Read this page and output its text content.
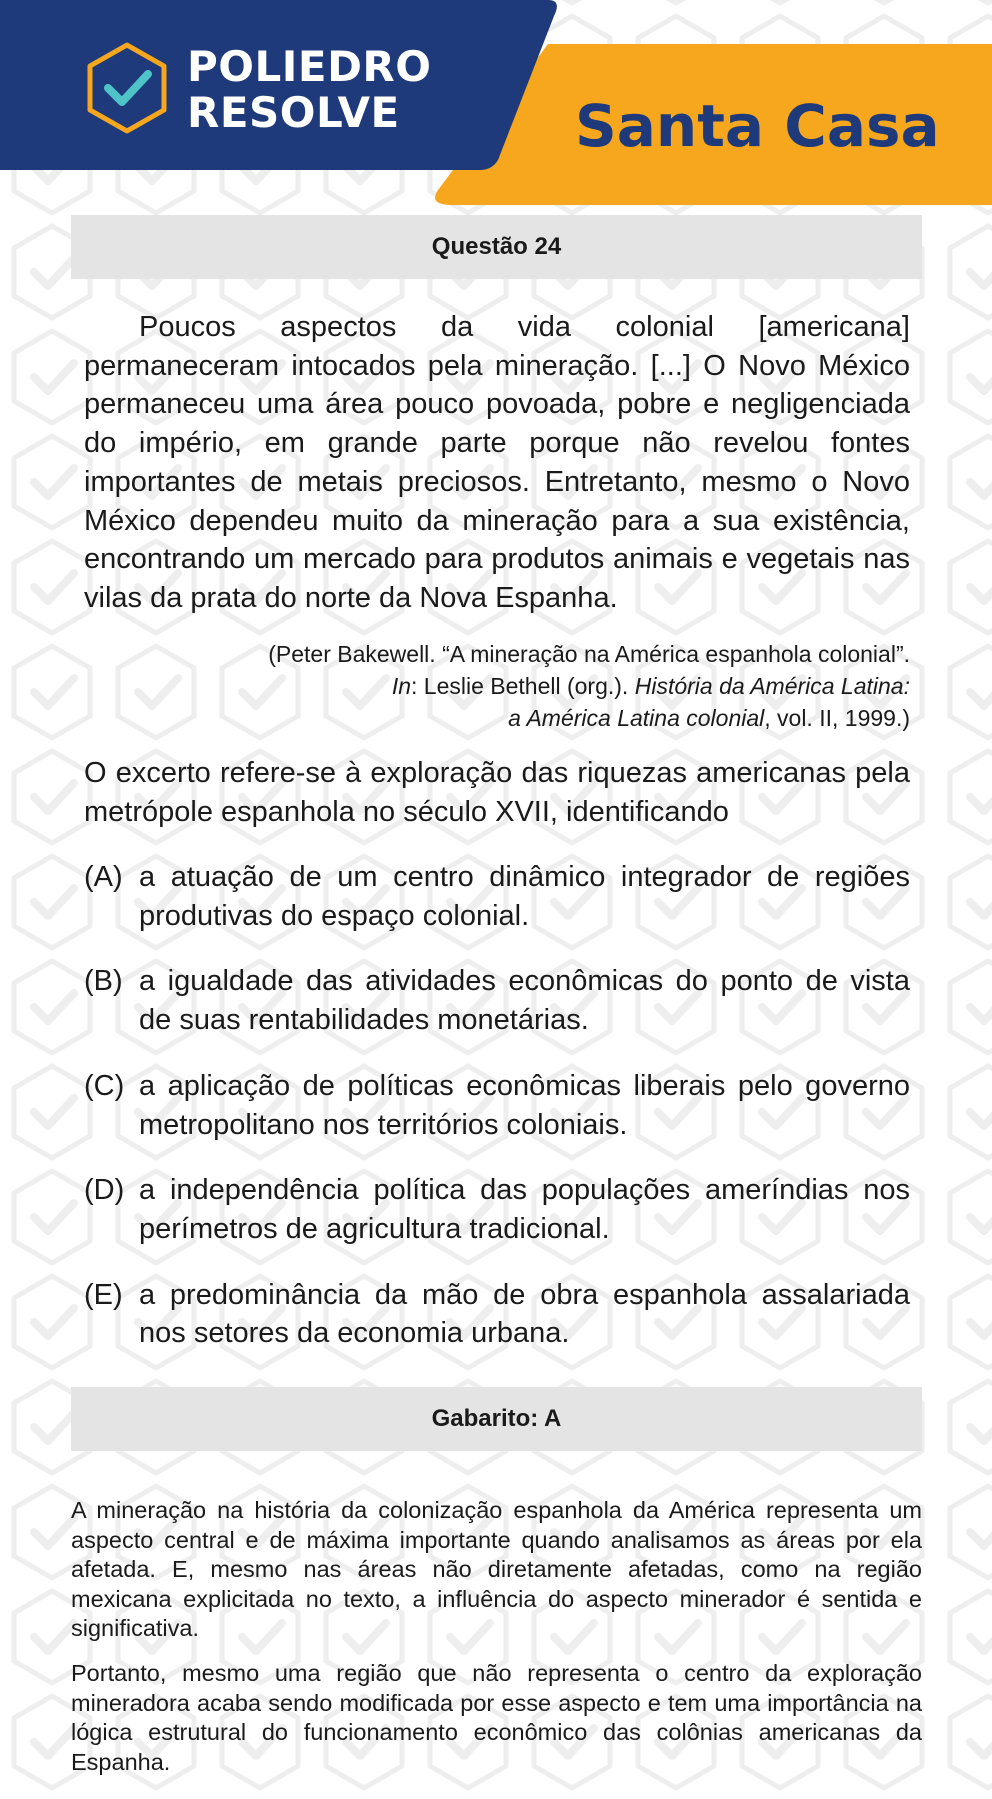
POLIEDRO
RESOLVE	Santa Casa
Questão 24

Poucos aspectos da vida colonial [americana] permaneceram intocados pela mineração. [...] O Novo México permaneceu uma área pouco povoada, pobre e negligenciada do império, em grande parte porque não revelou fontes importantes de metais preciosos. Entretanto, mesmo o Novo México dependeu muito da mineração para a sua existência, encontrando um mercado para produtos animais e vegetais nas vilas da prata do norte da Nova Espanha.

(Peter Bakewell. “A mineração na América espanhola colonial”.
In: Leslie Bethell (org.). História da América Latina:
a América Latina colonial, vol. II, 1999.)

O excerto refere-se à exploração das riquezas americanas pela metrópole espanhola no século XVII, identificando

(A) a atuação de um centro dinâmico integrador de regiões produtivas do espaço colonial.
(B) a igualdade das atividades econômicas do ponto de vista de suas rentabilidades monetárias.
(C) a aplicação de políticas econômicas liberais pelo governo metropolitano nos territórios coloniais.
(D) a independência política das populações ameríndias nos perímetros de agricultura tradicional.
(E) a predominância da mão de obra espanhola assalariada nos setores da economia urbana.
Gabarito: A

A mineração na história da colonização espanhola da América representa um aspecto central e de máxima importante quando analisamos as áreas por ela afetada. E, mesmo nas áreas não diretamente afetadas, como na região mexicana explicitada no texto, a influência do aspecto minerador é sentida e significativa.

Portanto, mesmo uma região que não representa o centro da exploração mineradora acaba sendo modificada por esse aspecto e tem uma importância na lógica estrutural do funcionamento econômico das colônias americanas da Espanha.
